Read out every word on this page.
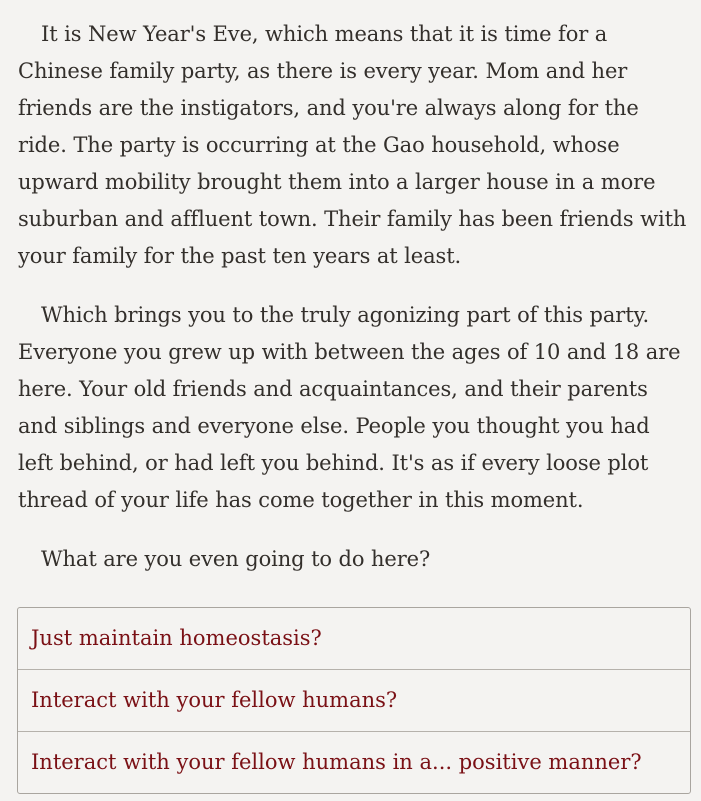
It is New Year's Eve, which means that it is time for a Chinese family party, as there is every year. Mom and her friends are the instigators, and you're always along for the ride. The party is occurring at the Gao household, whose upward mobility brought them into a larger house in a more suburban and affluent town. Their family has been friends with your family for the past ten years at least.

Which brings you to the truly agonizing part of this party. Everyone you grew up with between the ages of 10 and 18 are here. Your old friends and acquaintances, and their parents and siblings and everyone else. People you thought you had left behind, or had left you behind. It's as if every loose plot thread of your life has come together in this moment.

What are you even going to do here?

Just maintain homeostasis?
Interact with your fellow humans?
Interact with your fellow humans in a... positive manner?
